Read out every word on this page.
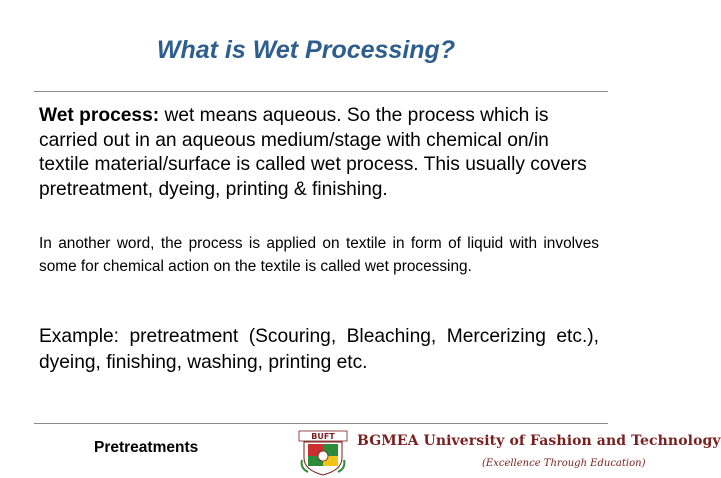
What is Wet Processing?
Wet process: wet means aqueous. So the process which is carried out in an aqueous medium/stage with chemical on/in textile material/surface is called wet process. This usually covers pretreatment, dyeing, printing & finishing.
In another word, the process is applied on textile in form of liquid with involves some for chemical action on the textile is called wet processing.
Example: pretreatment (Scouring, Bleaching, Mercerizing etc.), dyeing, finishing, washing, printing etc.
Pretreatments
BUFT BGMEA University of Fashion and Technology
(Excellence Through Education)
